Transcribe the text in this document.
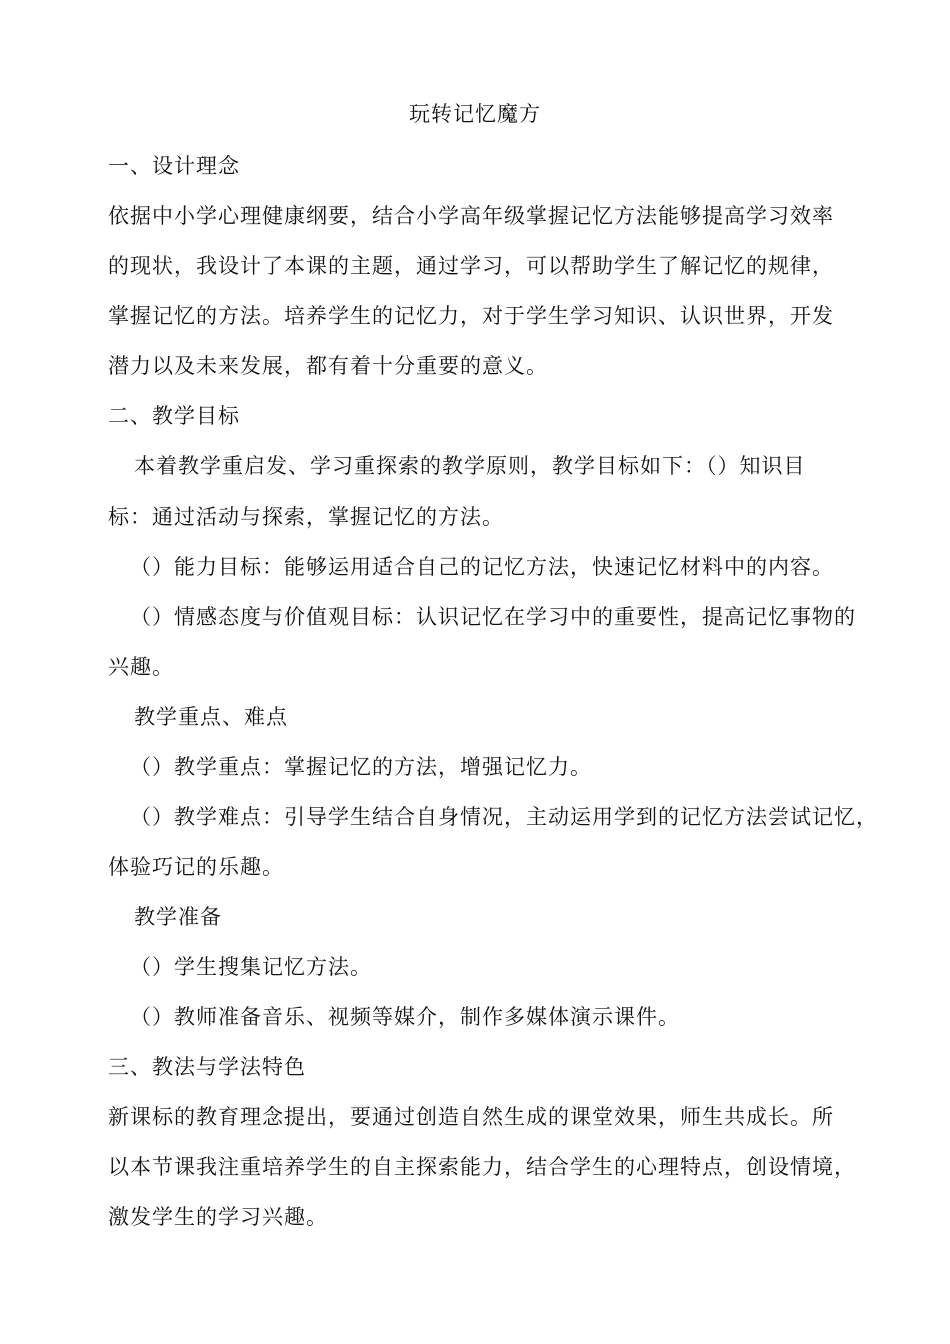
玩转记忆魔方
一、设计理念
依据中小学心理健康纲要，结合小学高年级掌握记忆方法能够提高学习效率
的现状，我设计了本课的主题，通过学习，可以帮助学生了解记忆的规律，
掌握记忆的方法。培养学生的记忆力，对于学生学习知识、认识世界，开发
潜力以及未来发展，都有着十分重要的意义。
二、教学目标
本着教学重启发、学习重探索的教学原则，教学目标如下：（）知识目
标：通过活动与探索，掌握记忆的方法。
（）能力目标：能够运用适合自己的记忆方法，快速记忆材料中的内容。
（）情感态度与价值观目标：认识记忆在学习中的重要性，提高记忆事物的
兴趣。
教学重点、难点
（）教学重点：掌握记忆的方法，增强记忆力。
（）教学难点：引导学生结合自身情况，主动运用学到的记忆方法尝试记忆，
体验巧记的乐趣。
教学准备
（）学生搜集记忆方法。
（）教师准备音乐、视频等媒介，制作多媒体演示课件。
三、教法与学法特色
新课标的教育理念提出，要通过创造自然生成的课堂效果，师生共成长。所
以本节课我注重培养学生的自主探索能力，结合学生的心理特点，创设情境，
激发学生的学习兴趣。
